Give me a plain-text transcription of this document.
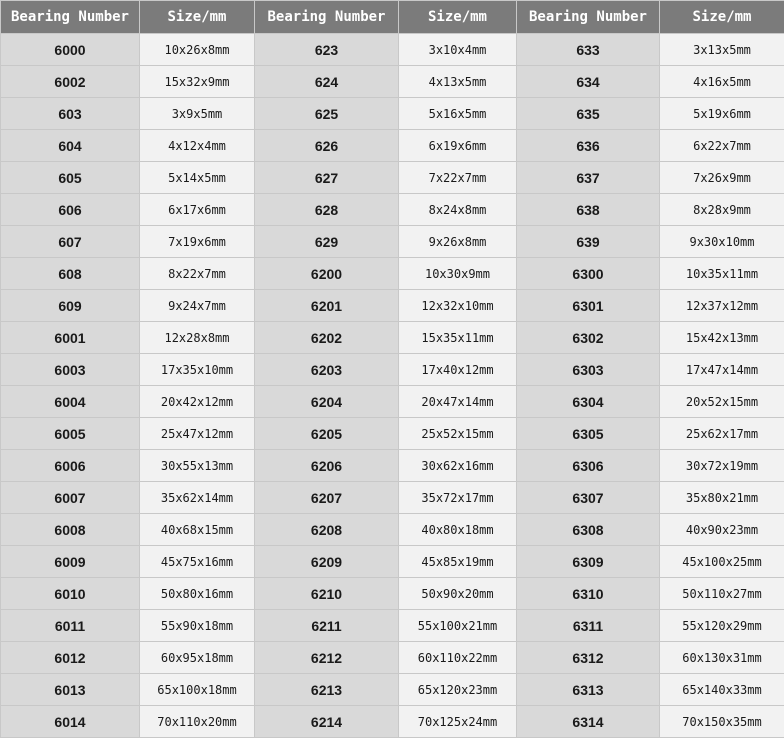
Bearing Number	Size/mm	Bearing Number	Size/mm	Bearing Number	Size/mm
6000	10x26x8mm	623	3x10x4mm	633	3x13x5mm
6002	15x32x9mm	624	4x13x5mm	634	4x16x5mm
603	3x9x5mm	625	5x16x5mm	635	5x19x6mm
604	4x12x4mm	626	6x19x6mm	636	6x22x7mm
605	5x14x5mm	627	7x22x7mm	637	7x26x9mm
606	6x17x6mm	628	8x24x8mm	638	8x28x9mm
607	7x19x6mm	629	9x26x8mm	639	9x30x10mm
608	8x22x7mm	6200	10x30x9mm	6300	10x35x11mm
609	9x24x7mm	6201	12x32x10mm	6301	12x37x12mm
6001	12x28x8mm	6202	15x35x11mm	6302	15x42x13mm
6003	17x35x10mm	6203	17x40x12mm	6303	17x47x14mm
6004	20x42x12mm	6204	20x47x14mm	6304	20x52x15mm
6005	25x47x12mm	6205	25x52x15mm	6305	25x62x17mm
6006	30x55x13mm	6206	30x62x16mm	6306	30x72x19mm
6007	35x62x14mm	6207	35x72x17mm	6307	35x80x21mm
6008	40x68x15mm	6208	40x80x18mm	6308	40x90x23mm
6009	45x75x16mm	6209	45x85x19mm	6309	45x100x25mm
6010	50x80x16mm	6210	50x90x20mm	6310	50x110x27mm
6011	55x90x18mm	6211	55x100x21mm	6311	55x120x29mm
6012	60x95x18mm	6212	60x110x22mm	6312	60x130x31mm
6013	65x100x18mm	6213	65x120x23mm	6313	65x140x33mm
6014	70x110x20mm	6214	70x125x24mm	6314	70x150x35mm
